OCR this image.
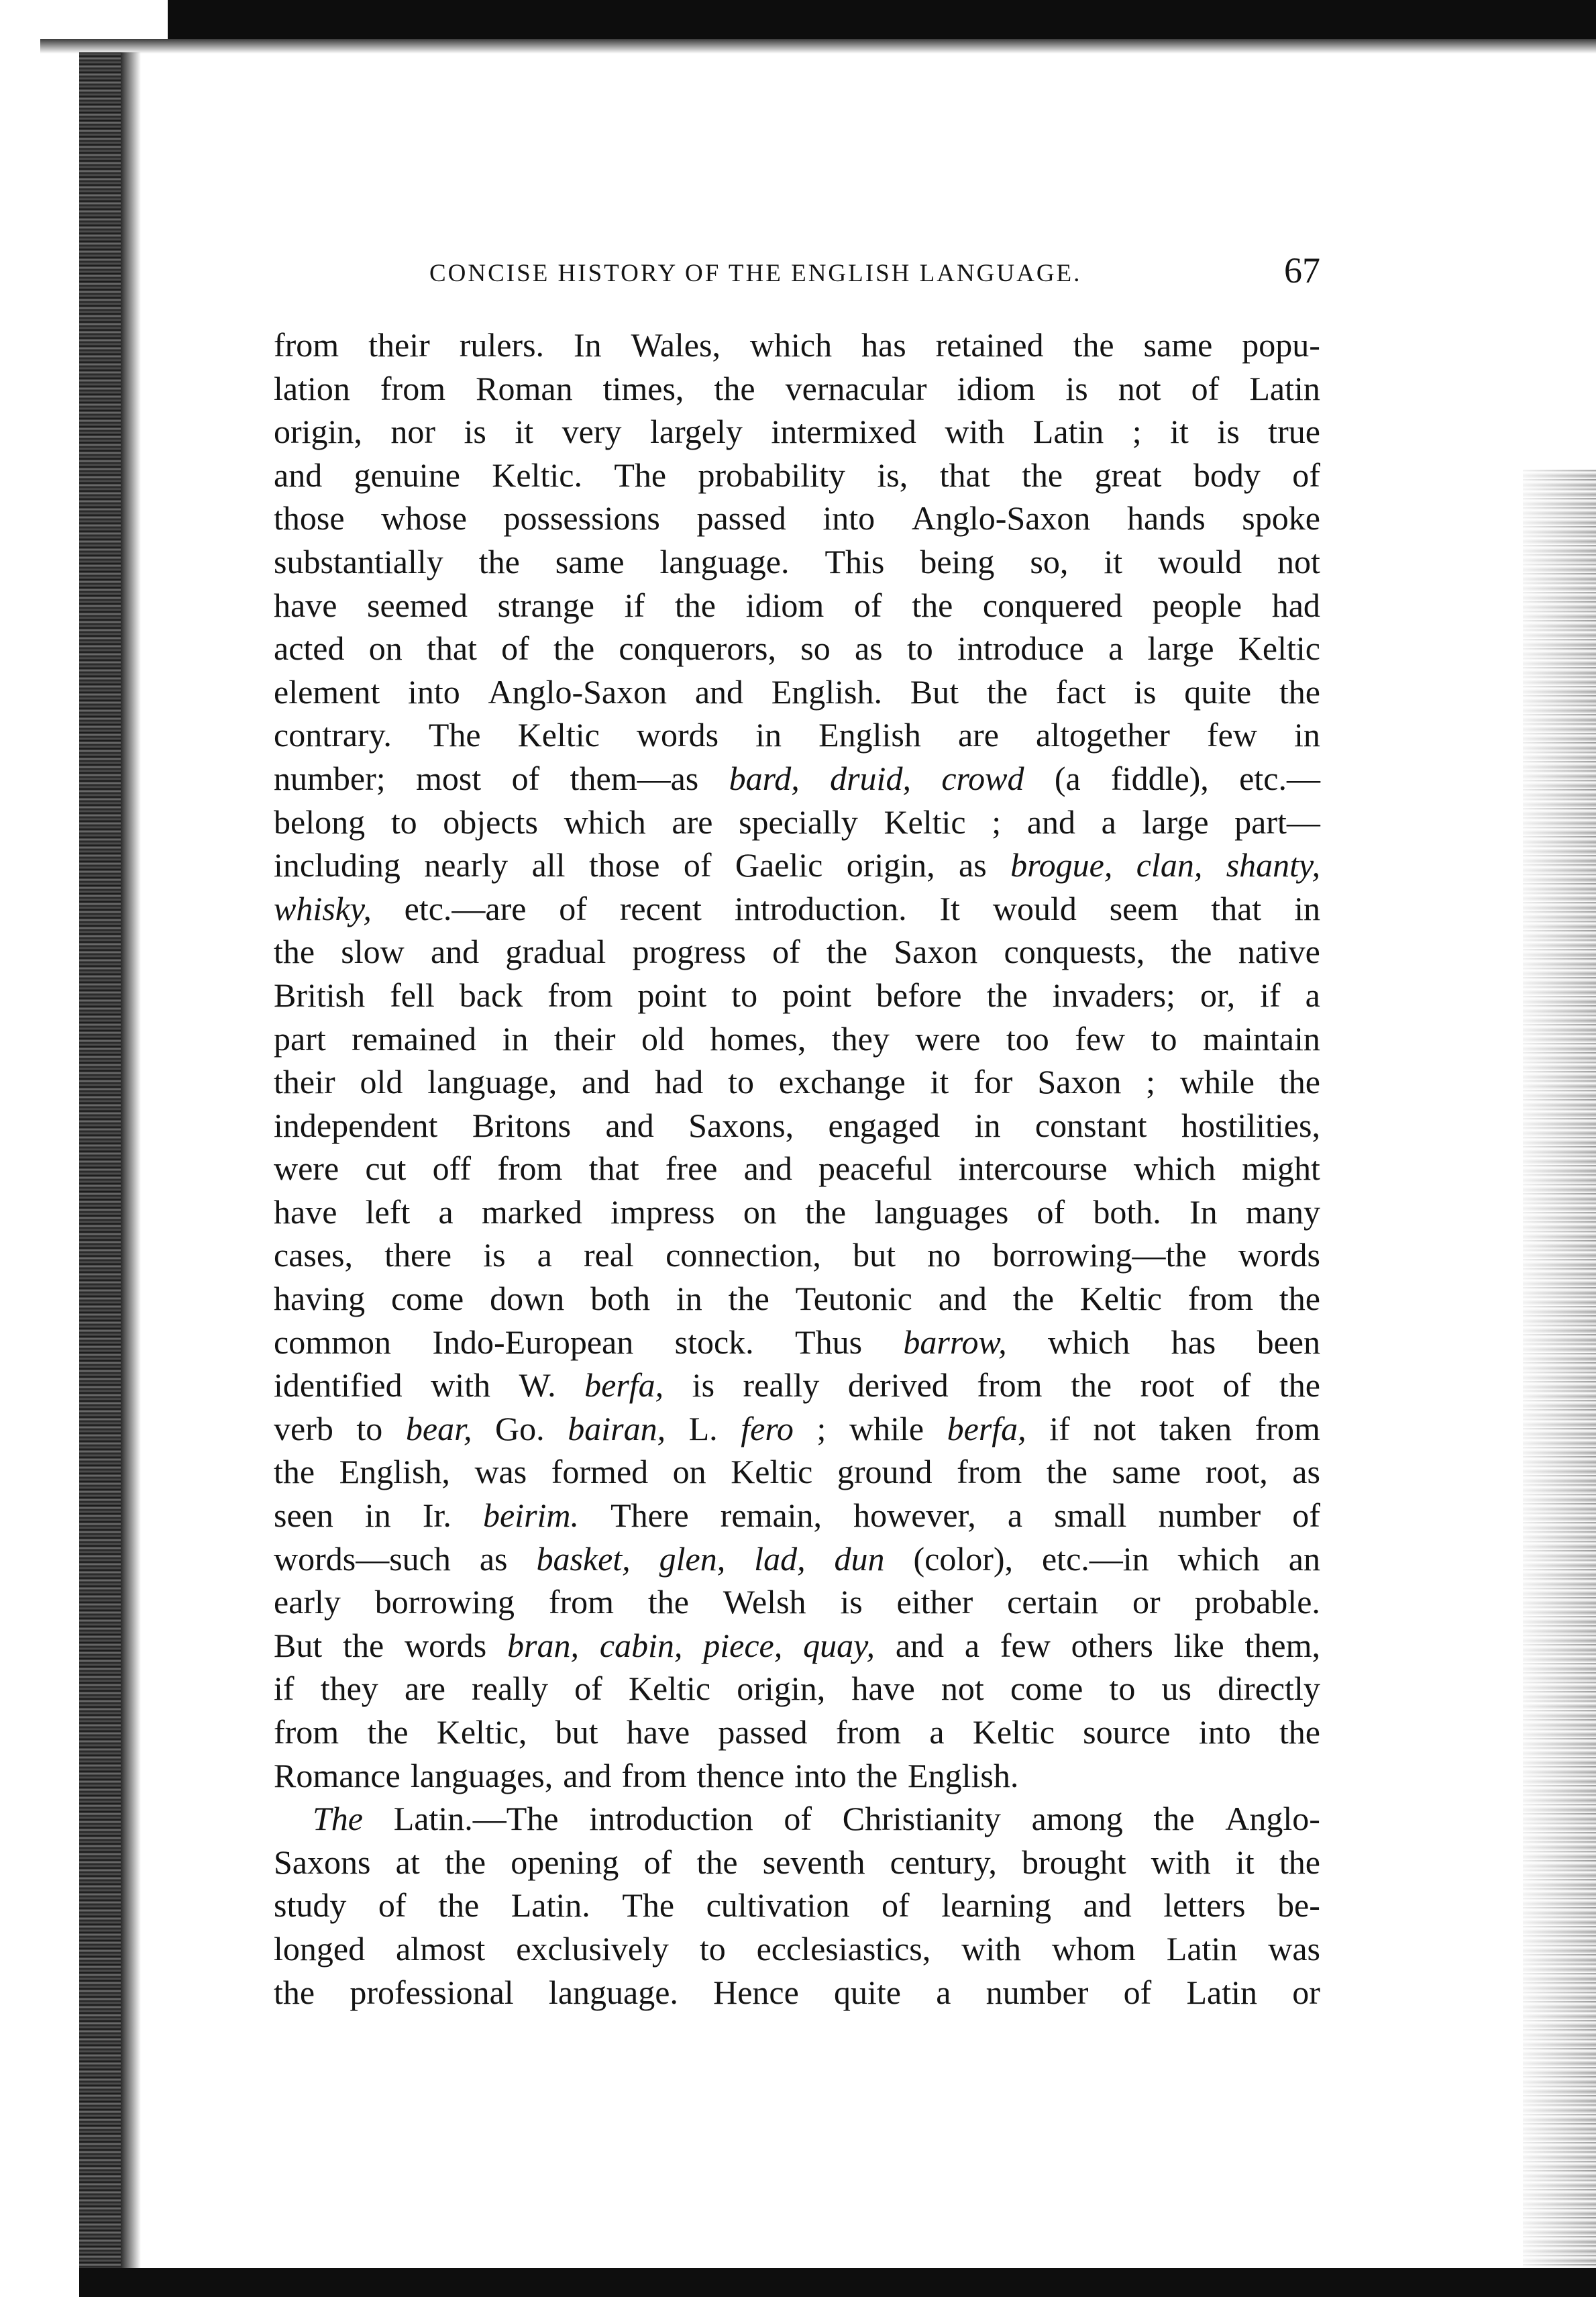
CONCISE HISTORY OF THE ENGLISH LANGUAGE.	67
from their rulers. In Wales, which has retained the same popu-
lation from Roman times, the vernacular idiom is not of Latin
origin, nor is it very largely intermixed with Latin ; it is true
and genuine Keltic. The probability is, that the great body of
those whose possessions passed into Anglo-Saxon hands spoke
substantially the same language. This being so, it would not
have seemed strange if the idiom of the conquered people had
acted on that of the conquerors, so as to introduce a large Keltic
element into Anglo-Saxon and English. But the fact is quite the
contrary. The Keltic words in English are altogether few in
number; most of them—as bard, druid, crowd (a fiddle), etc.—
belong to objects which are specially Keltic ; and a large part—
including nearly all those of Gaelic origin, as brogue, clan, shanty,
whisky, etc.—are of recent introduction. It would seem that in
the slow and gradual progress of the Saxon conquests, the native
British fell back from point to point before the invaders; or, if a
part remained in their old homes, they were too few to maintain
their old language, and had to exchange it for Saxon ; while the
independent Britons and Saxons, engaged in constant hostilities,
were cut off from that free and peaceful intercourse which might
have left a marked impress on the languages of both. In many
cases, there is a real connection, but no borrowing—the words
having come down both in the Teutonic and the Keltic from the
common Indo-European stock. Thus barrow, which has been
identified with W. berfa, is really derived from the root of the
verb to bear, Go. bairan, L. fero ; while berfa, if not taken from
the English, was formed on Keltic ground from the same root, as
seen in Ir. beirim. There remain, however, a small number of
words—such as basket, glen, lad, dun (color), etc.—in which an
early borrowing from the Welsh is either certain or probable.
But the words bran, cabin, piece, quay, and a few others like them,
if they are really of Keltic origin, have not come to us directly
from the Keltic, but have passed from a Keltic source into the
Romance languages, and from thence into the English.
The Latin.—The introduction of Christianity among the Anglo-
Saxons at the opening of the seventh century, brought with it the
study of the Latin. The cultivation of learning and letters be-
longed almost exclusively to ecclesiastics, with whom Latin was
the professional language. Hence quite a number of Latin or
